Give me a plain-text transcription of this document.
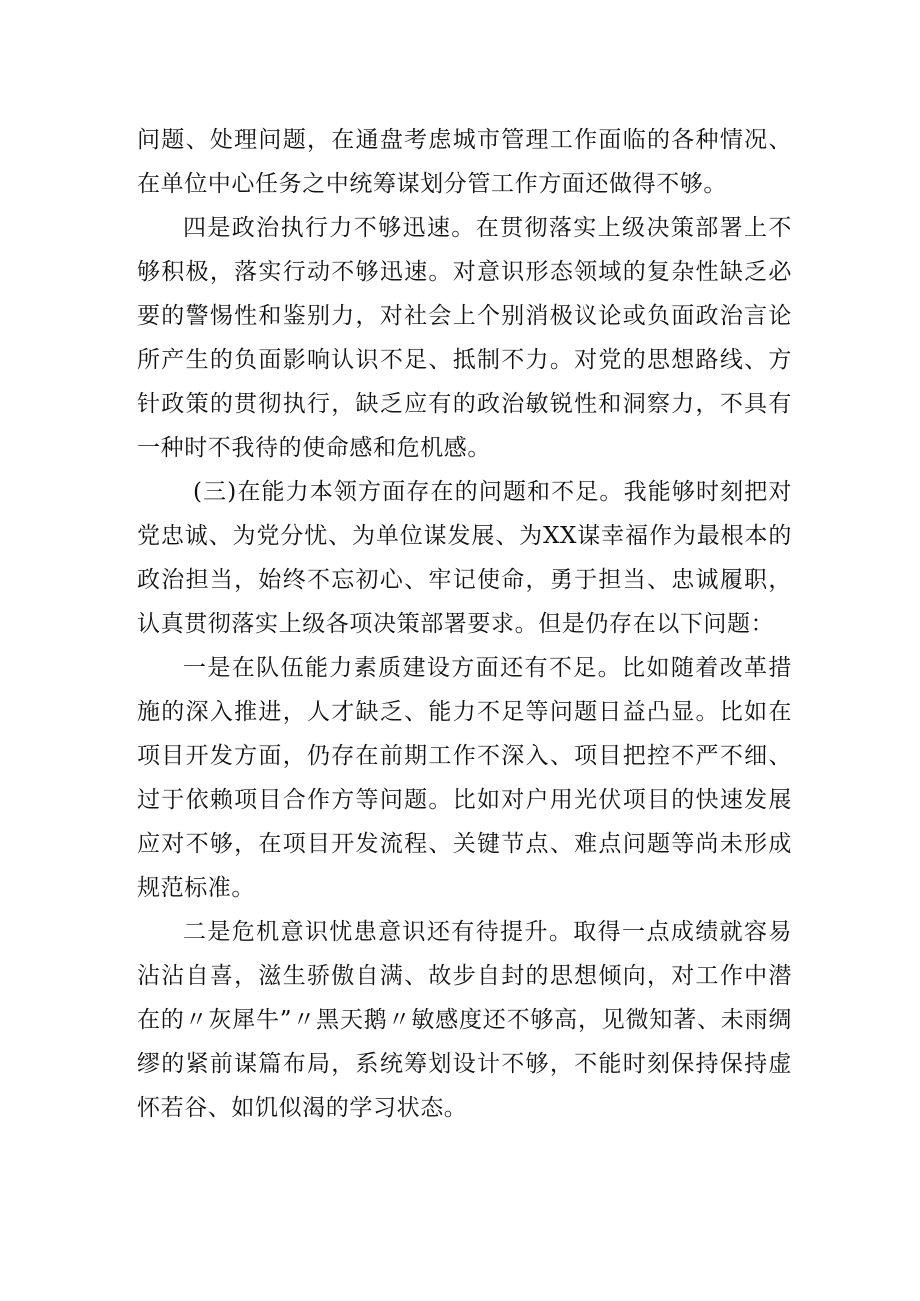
问题、处理问题，在通盘考虑城市管理工作面临的各种情况、在单位中心任务之中统筹谋划分管工作方面还做得不够。

四是政治执行力不够迅速。在贯彻落实上级决策部署上不够积极，落实行动不够迅速。对意识形态领域的复杂性缺乏必要的警惕性和鉴别力，对社会上个别消极议论或负面政治言论所产生的负面影响认识不足、抵制不力。对党的思想路线、方针政策的贯彻执行，缺乏应有的政治敏锐性和洞察力，不具有一种时不我待的使命感和危机感。

(三)在能力本领方面存在的问题和不足。我能够时刻把对党忠诚、为党分忧、为单位谋发展、为XX谋幸福作为最根本的政治担当，始终不忘初心、牢记使命，勇于担当、忠诚履职，认真贯彻落实上级各项决策部署要求。但是仍存在以下问题：

一是在队伍能力素质建设方面还有不足。比如随着改革措施的深入推进，人才缺乏、能力不足等问题日益凸显。比如在项目开发方面，仍存在前期工作不深入、项目把控不严不细、过于依赖项目合作方等问题。比如对户用光伏项目的快速发展应对不够，在项目开发流程、关键节点、难点问题等尚未形成规范标准。

二是危机意识忧患意识还有待提升。取得一点成绩就容易沾沾自喜，滋生骄傲自满、故步自封的思想倾向，对工作中潜在的〃灰犀牛”〃黑天鹅〃敏感度还不够高，见微知著、未雨绸缪的紧前谋篇布局，系统筹划设计不够，不能时刻保持保持虚怀若谷、如饥似渴的学习状态。
